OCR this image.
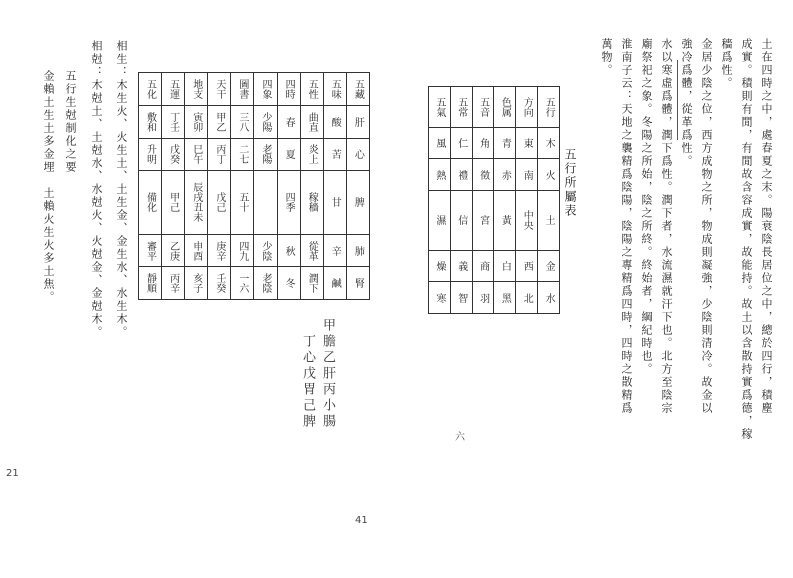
21
相生：木生火、火生土、土生金、金生水、水生木。
相尅：木尅土、土尅水、水尅火、火尅金、金尅木。
五行生尅制化之要
金賴土生土多金埋　土賴火生火多土焦。	五化	五運	地支	天干	圖書	四象	四時	五性	五味	五藏
敷和	丁壬	寅卯	甲乙	三八	少陽	春	曲直	酸	肝
升明	戊癸	巳午	丙丁	二七	老陽	夏	炎上	苦	心
備化	甲己	辰戌丑未	戊己	五十		四季	稼穡	甘	脾
審平	乙庚	申酉	庚辛	四九	少陰	秋	從革	辛	肺
靜順	丙辛	亥子	壬癸	一六	老陰	冬	潤下	鹹	腎
甲膽乙肝丙小腸
丁心戊胃己脾
41
六
五氣	五常	五音	色属	方向	五行
風	仁	角	青	東	木
熱	禮	徵	赤	南	火
濕	信	宮	黃	中央	土
燥	義	商	白	西	金
寒	智	羽	黑	北	水
五行所屬表	土在四時之中，處春夏之末。陽衰陰長居位之中，總於四行，積塵
成實。積則有閒，有閒故含容成實，故能持。故土以含散持實爲德，稼
穡爲性。
金居少陰之位，西方成物之所，物成則凝強，少陰則清冷。故金以
強冷爲體，從革爲性。
水以寒虛爲體，潤下爲性。潤下者，水流濕就汗下也。北方至陰宗
廟祭祀之象。冬陽之所始，陰之所終。終始者，綱紀時也。
淮南子云：天地之襲精爲陰陽，陰陽之專精爲四時，四時之散精爲
萬物。
